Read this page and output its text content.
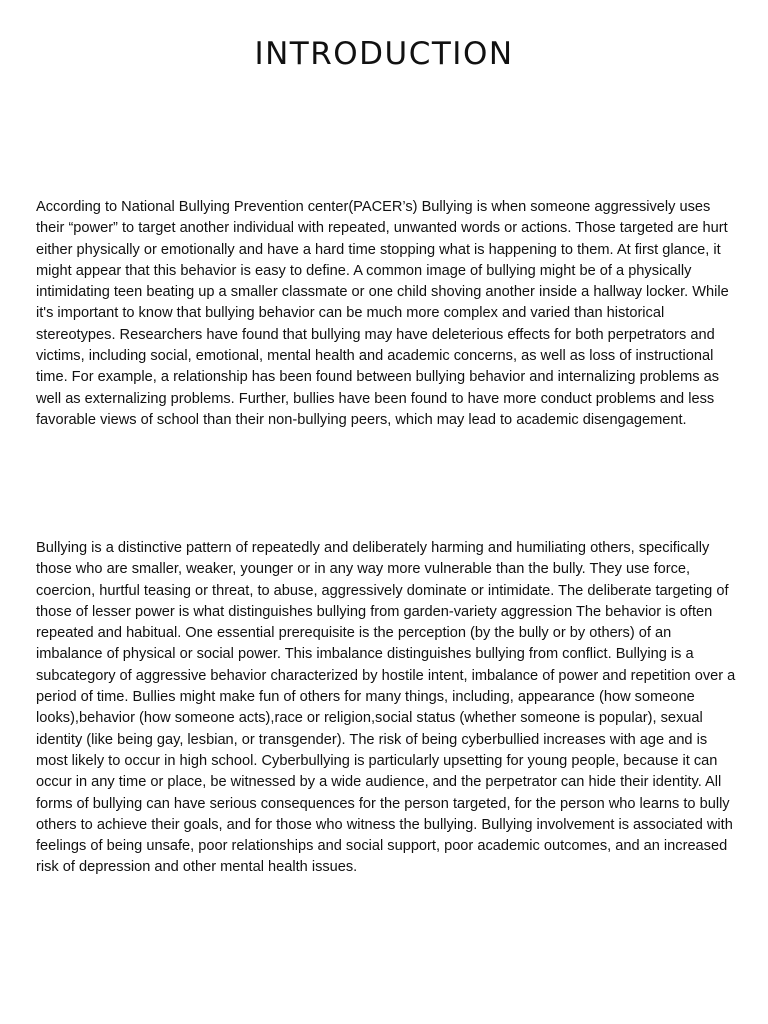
INTRODUCTION

According to National Bullying Prevention center(PACER’s) Bullying is when someone aggressively uses their “power” to target another individual with repeated, unwanted words or actions. Those targeted are hurt either physically or emotionally and have a hard time stopping what is happening to them. At first glance, it might appear that this behavior is easy to define. A common image of bullying might be of a physically intimidating teen beating up a smaller classmate or one child shoving another inside a hallway locker. While it's important to know that bullying behavior can be much more complex and varied than historical stereotypes. Researchers have found that bullying may have deleterious effects for both perpetrators and victims, including social, emotional, mental health and academic concerns, as well as loss of instructional time. For example, a relationship has been found between bullying behavior and internalizing problems as well as externalizing problems. Further, bullies have been found to have more conduct problems and less favorable views of school than their non-bullying peers, which may lead to academic disengagement.

Bullying is a distinctive pattern of repeatedly and deliberately harming and humiliating others, specifically those who are smaller, weaker, younger or in any way more vulnerable than the bully. They use force, coercion, hurtful teasing or threat, to abuse, aggressively dominate or intimidate. The deliberate targeting of those of lesser power is what distinguishes bullying from garden-variety aggression The behavior is often repeated and habitual. One essential prerequisite is the perception (by the bully or by others) of an imbalance of physical or social power. This imbalance distinguishes bullying from conflict. Bullying is a subcategory of aggressive behavior characterized by hostile intent, imbalance of power and repetition over a period of time. Bullies might make fun of others for many things, including, appearance (how someone looks),behavior (how someone acts),race or religion,social status (whether someone is popular), sexual identity (like being gay, lesbian, or transgender). The risk of being cyberbullied increases with age and is most likely to occur in high school. Cyberbullying is particularly upsetting for young people, because it can occur in any time or place, be witnessed by a wide audience, and the perpetrator can hide their identity. All forms of bullying can have serious consequences for the person targeted, for the person who learns to bully others to achieve their goals, and for those who witness the bullying. Bullying involvement is associated with feelings of being unsafe, poor relationships and social support, poor academic outcomes, and an increased risk of depression and other mental health issues.
